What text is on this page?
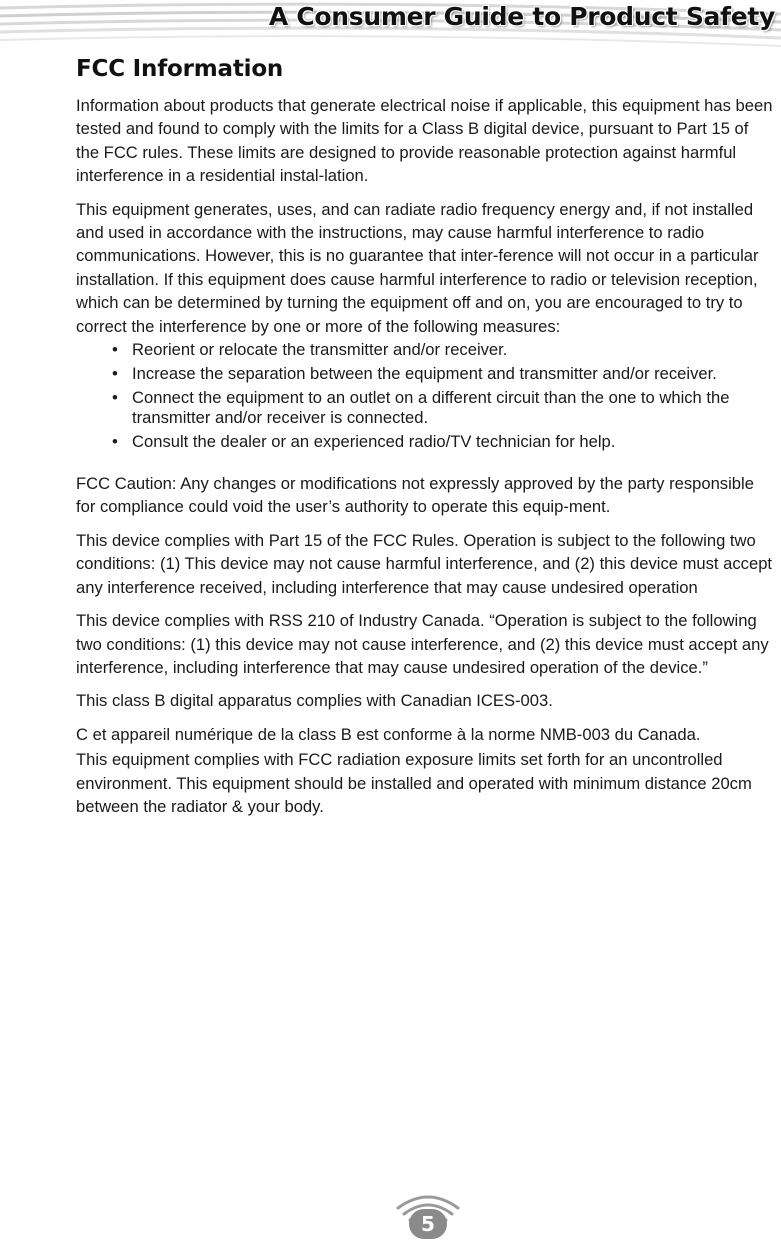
A Consumer Guide to Product Safety
FCC Information

Information about products that generate electrical noise if applicable, this equipment has been tested and found to comply with the limits for a Class B digital device, pursuant to Part 15 of the FCC rules. These limits are designed to provide reasonable protection against harmful interference in a residential instal-lation.

This equipment generates, uses, and can radiate radio frequency energy and, if not installed and used in accordance with the instructions, may cause harmful interference to radio communications. However, this is no guarantee that inter-ference will not occur in a particular installation. If this equipment does cause harmful interference to radio or television reception, which can be determined by turning the equipment off and on, you are encouraged to try to correct the interference by one or more of the following measures:

• Reorient or relocate the transmitter and/or receiver.
• Increase the separation between the equipment and transmitter and/or receiver.
• Connect the equipment to an outlet on a different circuit than the one to which the transmitter and/or receiver is connected.
• Consult the dealer or an experienced radio/TV technician for help.

FCC Caution: Any changes or modifications not expressly approved by the party responsible for compliance could void the user’s authority to operate this equip-ment.

This device complies with Part 15 of the FCC Rules. Operation is subject to the following two conditions: (1) This device may not cause harmful interference, and (2) this device must accept any interference received, including interference that may cause undesired operation

This device complies with RSS 210 of Industry Canada. “Operation is subject to the following two conditions: (1) this device may not cause interference, and (2) this device must accept any interference, including interference that may cause undesired operation of the device.”

This class B digital apparatus complies with Canadian ICES-003.

C et appareil numérique de la class B est conforme à la norme NMB-003 du Canada.

This equipment complies with FCC radiation exposure limits set forth for an uncontrolled environment. This equipment should be installed and operated with minimum distance 20cm between the radiator & your body.

5
